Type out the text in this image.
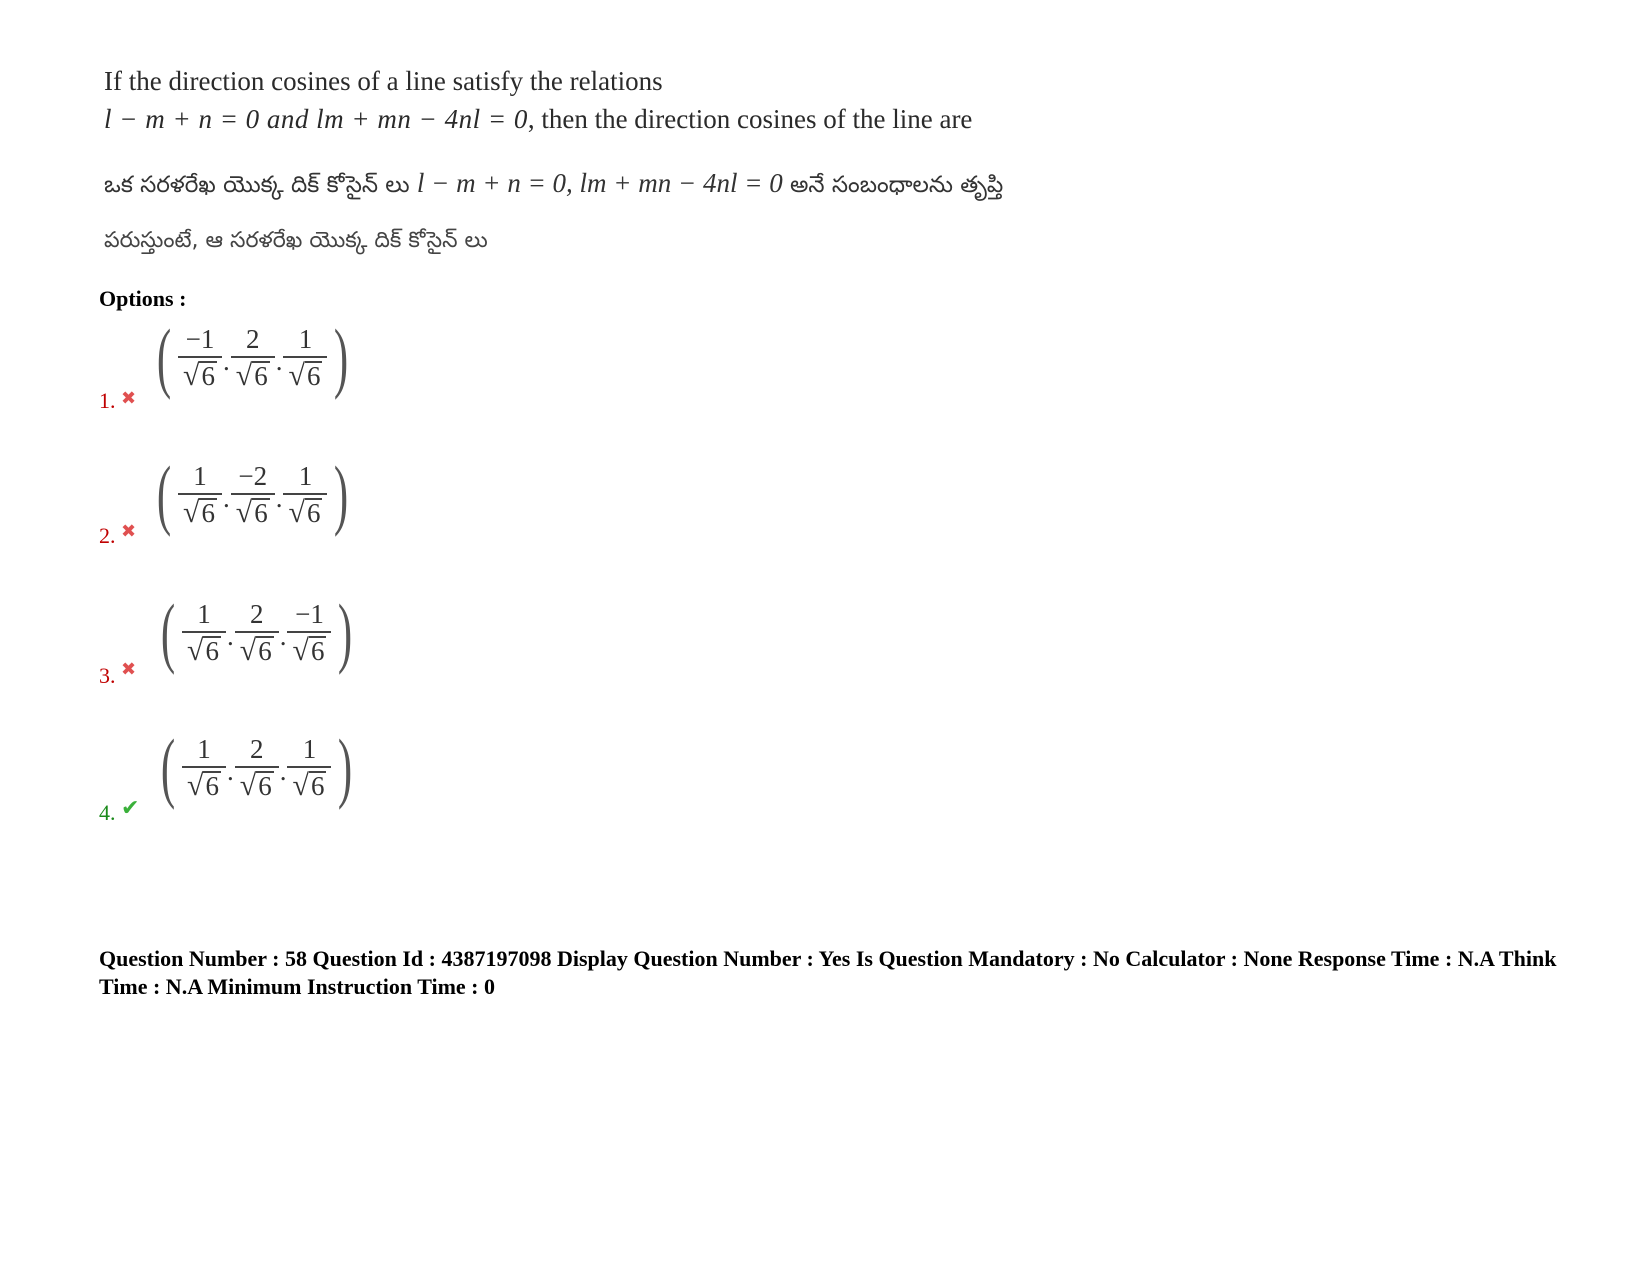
If the direction cosines of a line satisfy the relations
l − m + n = 0 and lm + mn − 4nl = 0, then the direction cosines of the line are
ఒక సరళరేఖ యొక్క దిక్ కోసైన్ లు l − m + n = 0, lm + mn − 4nl = 0 అనే సంబంధాలను తృప్తి
పరుస్తుంటే, ఆ సరళరేఖ యొక్క దిక్ కోసైన్ లు
Options :
1. ✖ ( $\frac{-1}{√ 6}$ . $\frac{2}{√ 6}$ . $\frac{1}{√ 6}$ )
2. ✖ ( $\frac{1}{√ 6}$ . $\frac{-2}{√ 6}$ . $\frac{1}{√ 6}$ )
3. ✖ ( $\frac{1}{√ 6}$ . $\frac{2}{√ 6}$ . $\frac{-1}{√ 6}$ )
4. ✔ ( $\frac{1}{√ 6}$ . $\frac{2}{√ 6}$ . $\frac{1}{√ 6}$ )
Question Number : 58 Question Id : 4387197098 Display Question Number : Yes Is Question Mandatory : No Calculator : None Response Time : N.A Think Time : N.A Minimum Instruction Time : 0
